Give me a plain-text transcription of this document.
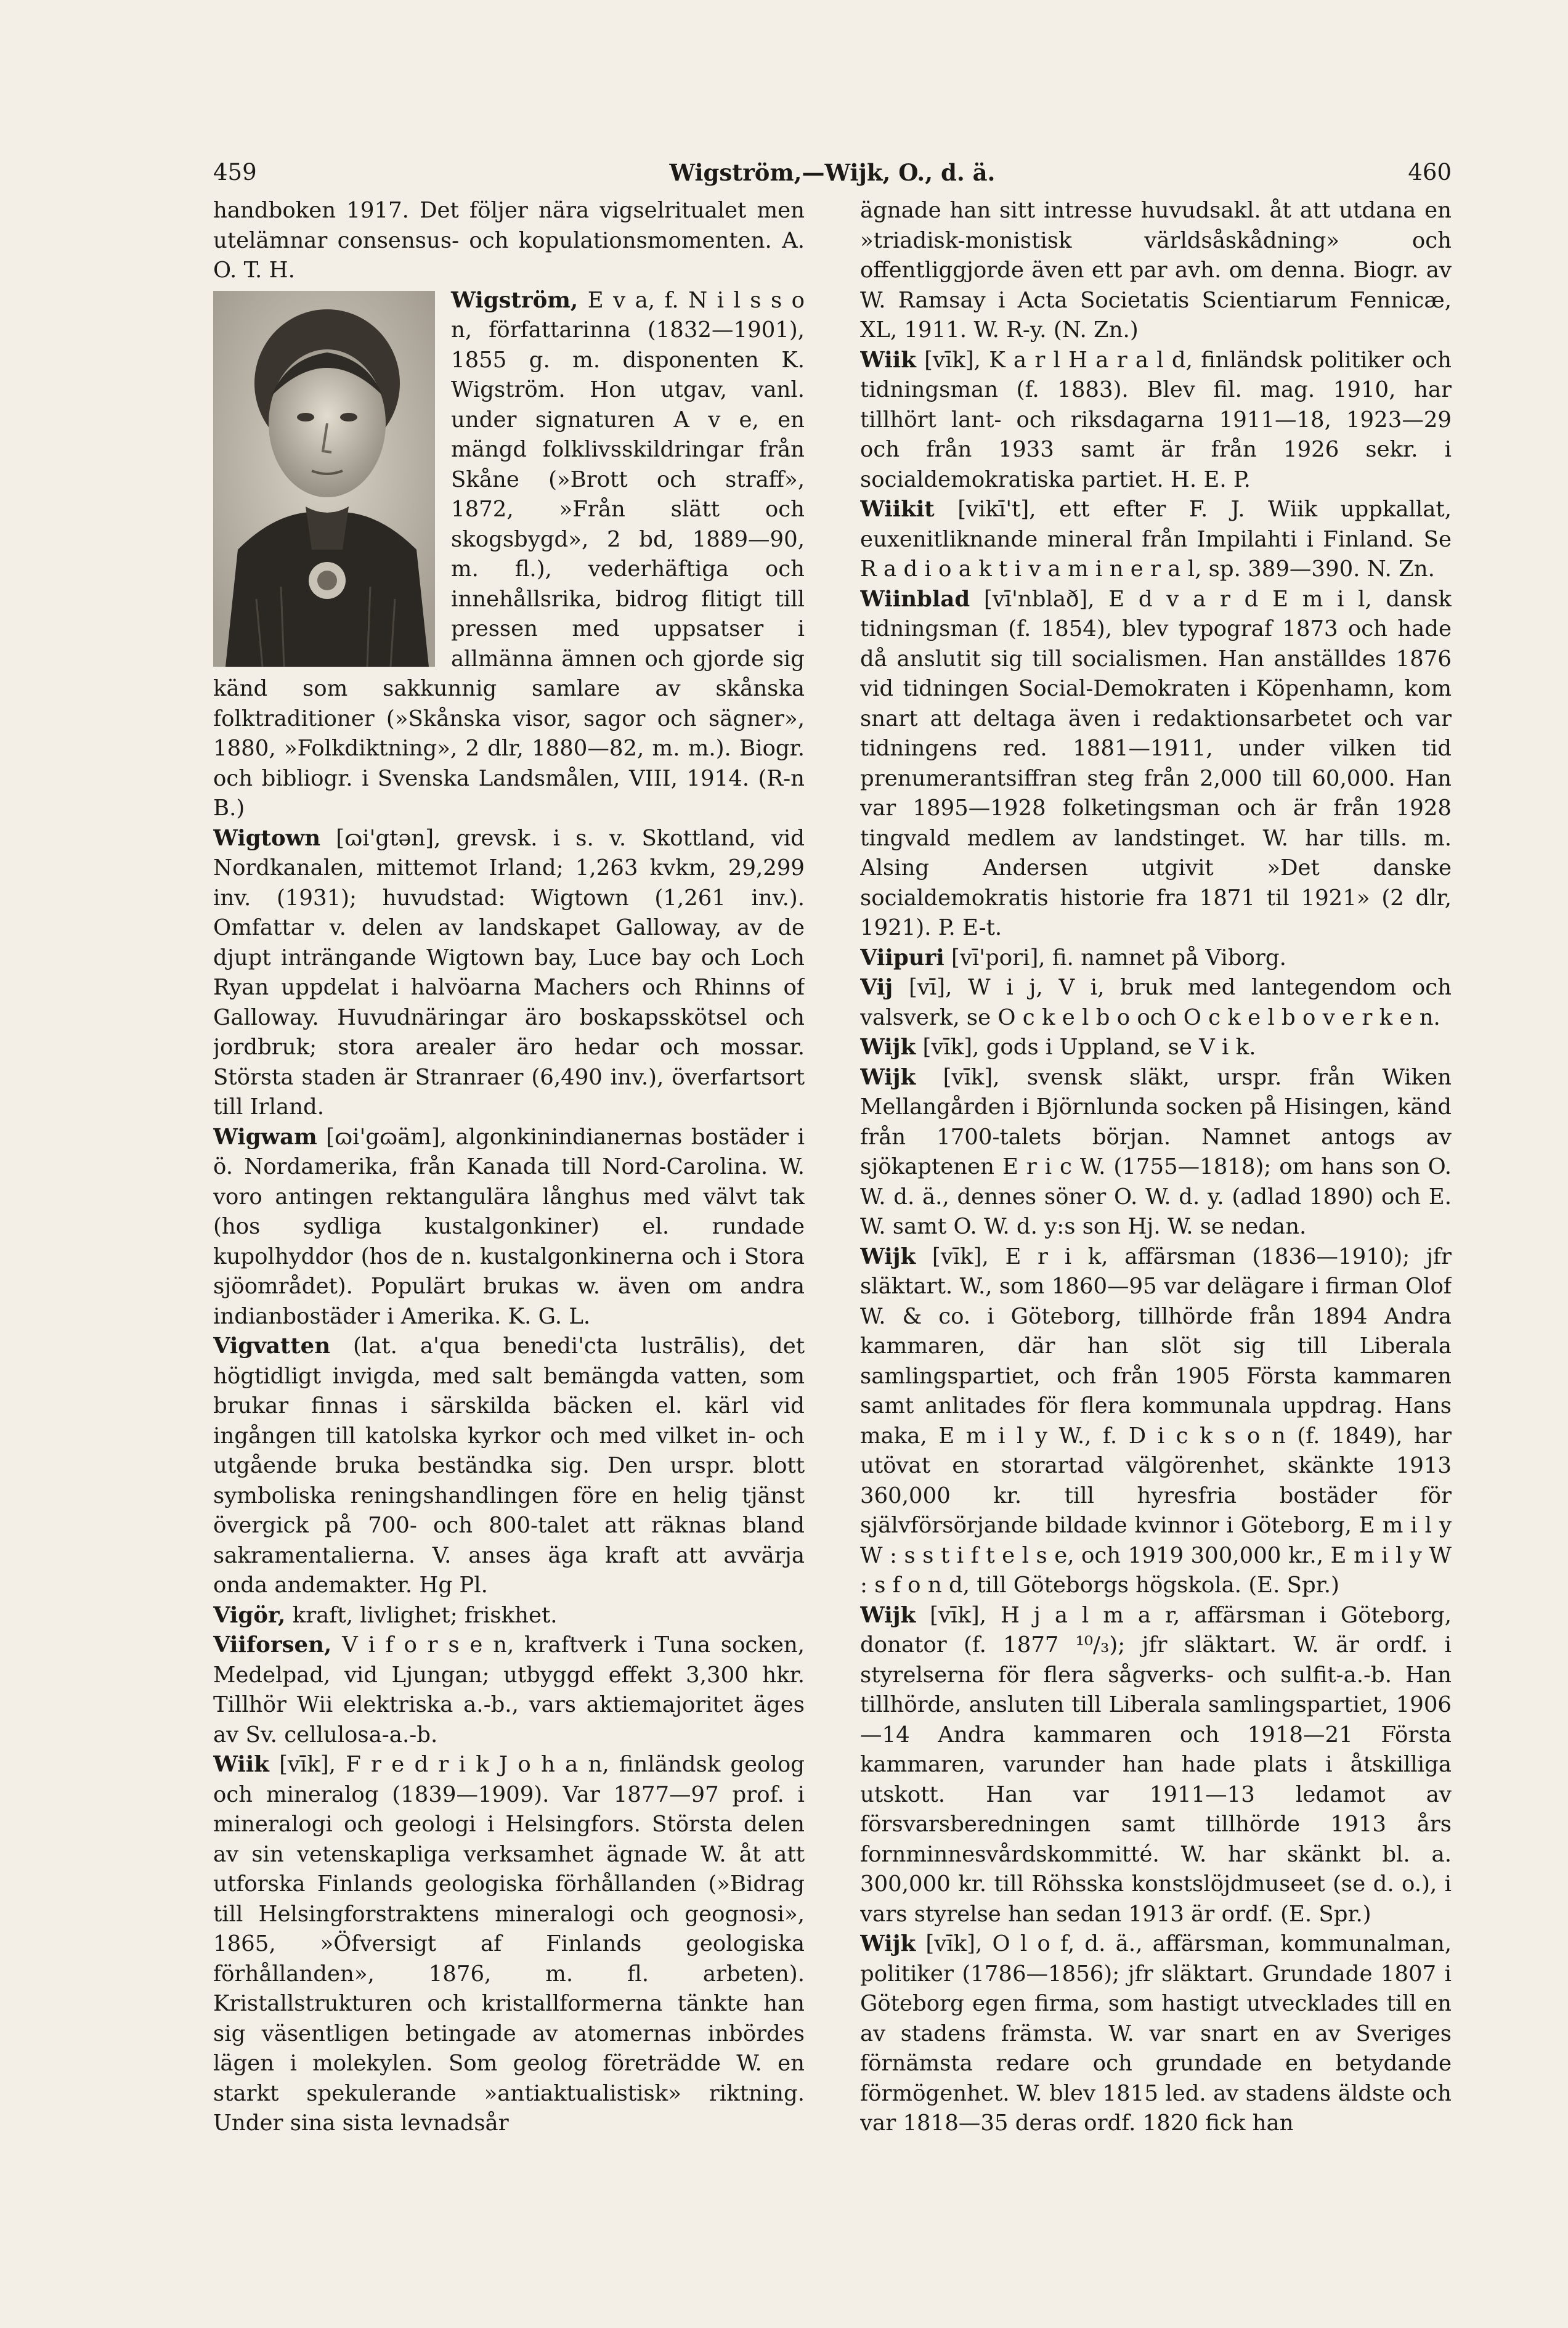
459	Wigström,—Wijk, O., d. ä.	460

handboken 1917. Det följer nära vigselritualet men utelämnar consensus- och kopulationsmomenten. A. O. T. H.

Wigström, E v a, f. N i l s s o n, författarinna (1832—1901), 1855 g. m. disponenten K. Wigström. Hon utgav, vanl. under signaturen A v e, en mängd folklivsskildringar från Skåne (»Brott och straff», 1872, »Från slätt och skogsbygd», 2 bd, 1889—90, m. fl.), vederhäftiga och innehållsrika, bidrog flitigt till pressen med uppsatser i allmänna ämnen och gjorde sig känd som sakkunnig samlare av skånska folktraditioner (»Skånska visor, sagor och sägner», 1880, »Folkdiktning», 2 dlr, 1880—82, m. m.). Biogr. och bibliogr. i Svenska Landsmålen, VIII, 1914. (R-n B.)

Wigtown [ɷi'gtən], grevsk. i s. v. Skottland, vid Nordkanalen, mittemot Irland; 1,263 kvkm, 29,299 inv. (1931); huvudstad: Wigtown (1,261 inv.). Omfattar v. delen av landskapet Galloway, av de djupt inträngande Wigtown bay, Luce bay och Loch Ryan uppdelat i halvöarna Machers och Rhinns of Galloway. Huvudnäringar äro boskapsskötsel och jordbruk; stora arealer äro hedar och mossar. Största staden är Stranraer (6,490 inv.), överfartsort till Irland.

Wigwam [ɷi'gɷäm], algonkinindianernas bostäder i ö. Nordamerika, från Kanada till Nord-Carolina. W. voro antingen rektangulära långhus med välvt tak (hos sydliga kustalgonkiner) el. rundade kupolhyddor (hos de n. kustalgonkinerna och i Stora sjöområdet). Populärt brukas w. även om andra indianbostäder i Amerika. K. G. L.

Vigvatten (lat. a'qua benedi'cta lustrālis), det högtidligt invigda, med salt bemängda vatten, som brukar finnas i särskilda bäcken el. kärl vid ingången till katolska kyrkor och med vilket in- och utgående bruka beständka sig. Den urspr. blott symboliska reningshandlingen före en helig tjänst övergick på 700- och 800-talet att räknas bland sakramentalierna. V. anses äga kraft att avvärja onda andemakter. Hg Pl.

Vigör, kraft, livlighet; friskhet.

Viiforsen, V i f o r s e n, kraftverk i Tuna socken, Medelpad, vid Ljungan; utbyggd effekt 3,300 hkr. Tillhör Wii elektriska a.-b., vars aktiemajoritet äges av Sv. cellulosa-a.-b.

Wiik [vīk], F r e d r i k J o h a n, finländsk geolog och mineralog (1839—1909). Var 1877—97 prof. i mineralogi och geologi i Helsingfors. Största delen av sin vetenskapliga verksamhet ägnade W. åt att utforska Finlands geologiska förhållanden (»Bidrag till Helsingforstraktens mineralogi och geognosi», 1865, »Öfversigt af Finlands geologiska förhållanden», 1876, m. fl. arbeten). Kristallstrukturen och kristallformerna tänkte han sig väsentligen betingade av atomernas inbördes lägen i molekylen. Som geolog företrädde W. en starkt spekulerande »antiaktualistisk» riktning. Under sina sista levnadsår

ägnade han sitt intresse huvudsakl. åt att utdana en »triadisk-monistisk världsåskådning» och offentliggjorde även ett par avh. om denna. Biogr. av W. Ramsay i Acta Societatis Scientiarum Fennicæ, XL, 1911. W. R-y. (N. Zn.)

Wiik [vīk], K a r l H a r a l d, finländsk politiker och tidningsman (f. 1883). Blev fil. mag. 1910, har tillhört lant- och riksdagarna 1911—18, 1923—29 och från 1933 samt är från 1926 sekr. i socialdemokratiska partiet. H. E. P.

Wiikit [vikī't], ett efter F. J. Wiik uppkallat, euxenitliknande mineral från Impilahti i Finland. Se R a d i o a k t i v a m i n e r a l, sp. 389—390. N. Zn.

Wiinblad [vī'nblað], E d v a r d E m i l, dansk tidningsman (f. 1854), blev typograf 1873 och hade då anslutit sig till socialismen. Han anställdes 1876 vid tidningen Social-Demokraten i Köpenhamn, kom snart att deltaga även i redaktionsarbetet och var tidningens red. 1881—1911, under vilken tid prenumerantsiffran steg från 2,000 till 60,000. Han var 1895—1928 folketingsman och är från 1928 tingvald medlem av landstinget. W. har tills. m. Alsing Andersen utgivit »Det danske socialdemokratis historie fra 1871 til 1921» (2 dlr, 1921). P. E-t.

Viipuri [vī'pori], fi. namnet på Viborg.

Vij [vī], W i j, V i, bruk med lantegendom och valsverk, se O c k e l b o och O c k e l b o v e r k e n.

Wijk [vīk], gods i Uppland, se V i k.

Wijk [vīk], svensk släkt, urspr. från Wiken Mellangården i Björnlunda socken på Hisingen, känd från 1700-talets början. Namnet antogs av sjökaptenen E r i c W. (1755—1818); om hans son O. W. d. ä., dennes söner O. W. d. y. (adlad 1890) och E. W. samt O. W. d. y:s son Hj. W. se nedan.

Wijk [vīk], E r i k, affärsman (1836—1910); jfr släktart. W., som 1860—95 var delägare i firman Olof W. & co. i Göteborg, tillhörde från 1894 Andra kammaren, där han slöt sig till Liberala samlingspartiet, och från 1905 Första kammaren samt anlitades för flera kommunala uppdrag. Hans maka, E m i l y W., f. D i c k s o n (f. 1849), har utövat en storartad välgörenhet, skänkte 1913 360,000 kr. till hyresfria bostäder för självförsörjande bildade kvinnor i Göteborg, E m i l y W : s s t i f t e l s e, och 1919 300,000 kr., E m i l y W : s f o n d, till Göteborgs högskola. (E. Spr.)

Wijk [vīk], H j a l m a r, affärsman i Göteborg, donator (f. 1877 ¹⁰/₃); jfr släktart. W. är ordf. i styrelserna för flera sågverks- och sulfit-a.-b. Han tillhörde, ansluten till Liberala samlingspartiet, 1906—14 Andra kammaren och 1918—21 Första kammaren, varunder han hade plats i åtskilliga utskott. Han var 1911—13 ledamot av försvarsberedningen samt tillhörde 1913 års fornminnesvårdskommitté. W. har skänkt bl. a. 300,000 kr. till Röhsska konstslöjdmuseet (se d. o.), i vars styrelse han sedan 1913 är ordf. (E. Spr.)

Wijk [vīk], O l o f, d. ä., affärsman, kommunalman, politiker (1786—1856); jfr släktart. Grundade 1807 i Göteborg egen firma, som hastigt utvecklades till en av stadens främsta. W. var snart en av Sveriges förnämsta redare och grundade en betydande förmögenhet. W. blev 1815 led. av stadens äldste och var 1818—35 deras ordf. 1820 fick han
